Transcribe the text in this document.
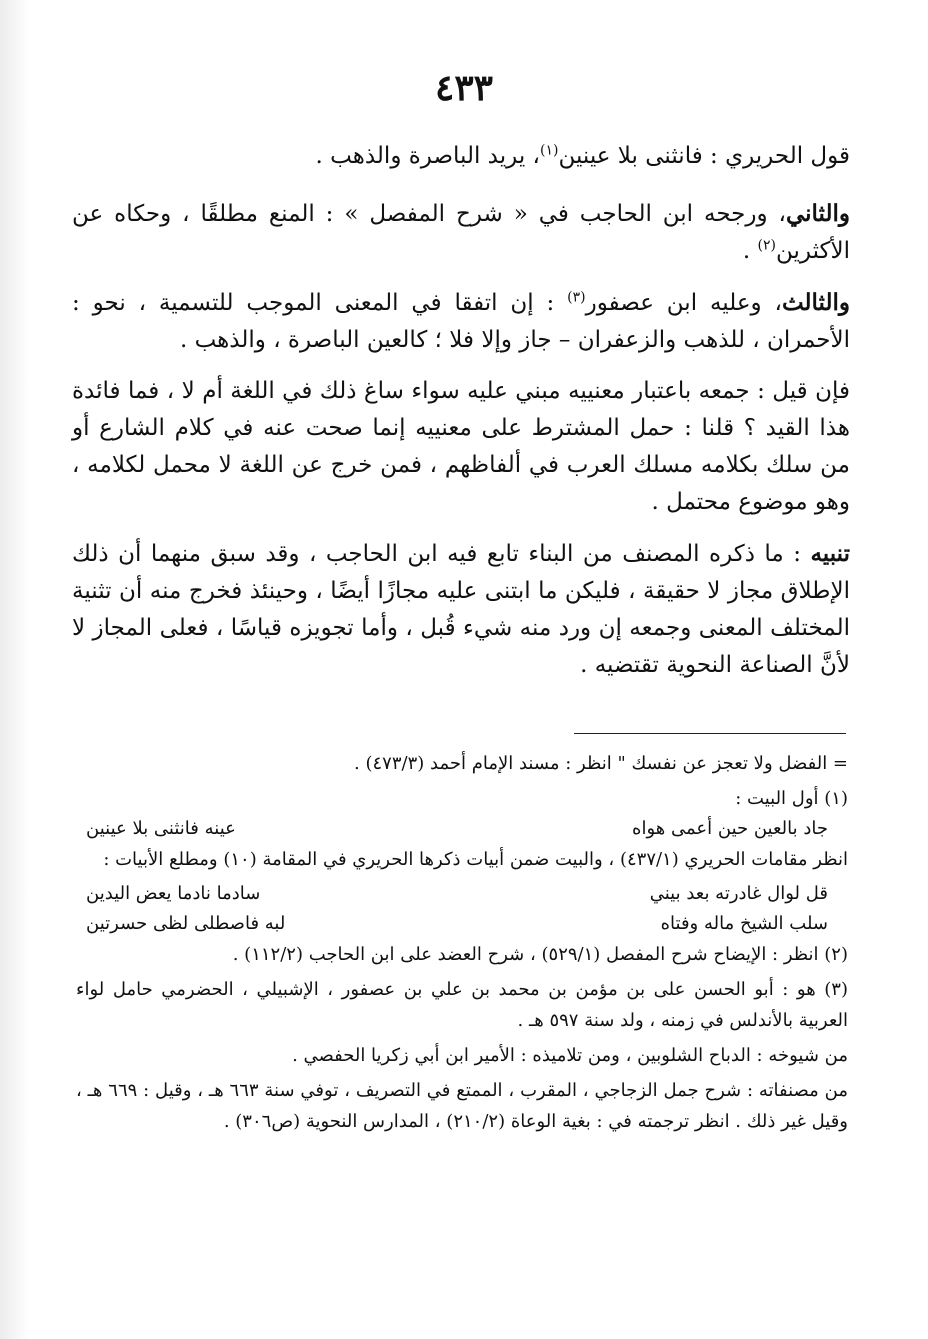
٤٣٣

قول الحريري : فانثنى بلا عينين$^{(١)}$، يريد الباصرة والذهب .

والثاني، ورجحه ابن الحاجب في « شرح المفصل » : المنع مطلقًا ، وحكاه عن الأكثرين$^{(٢)}$ .

والثالث، وعليه ابن عصفور$^{(٣)}$ : إن اتفقا في المعنى الموجب للتسمية ، نحو : الأحمران ، للذهب والزعفران – جاز وإلا فلا ؛ كالعين الباصرة ، والذهب .

فإن قيل : جمعه باعتبار معنييه مبني عليه سواء ساغ ذلك في اللغة أم لا ، فما فائدة هذا القيد ؟ قلنا : حمل المشترط على معنييه إنما صحت عنه في كلام الشارع أو من سلك بكلامه مسلك العرب في ألفاظهم ، فمن خرج عن اللغة لا محمل لكلامه ، وهو موضوع محتمل .

تنبيه : ما ذكره المصنف من البناء تابع فيه ابن الحاجب ، وقد سبق منهما أن ذلك الإطلاق مجاز لا حقيقة ، فليكن ما ابتنى عليه مجازًا أيضًا ، وحينئذ فخرج منه أن تثنية المختلف المعنى وجمعه إن ورد منه شيء قُبل ، وأما تجويزه قياسًا ، فعلى المجاز لا لأنَّ الصناعة النحوية تقتضيه .

= الفضل ولا تعجز عن نفسك " انظر : مسند الإمام أحمد (٤٧٣/٣) .
(١) أول البيت :
جاد بالعين حين أعمى هواه
عينه فانثنى بلا عينين
انظر مقامات الحريري (٤٣٧/١) ، والبيت ضمن أبيات ذكرها الحريري في المقامة (١٠) ومطلع الأبيات :
قل لوال غادرته بعد بيني
سادما نادما يعض اليدين
سلب الشيخ ماله وفتاه
لبه فاصطلى لظى حسرتين
(٢) انظر : الإيضاح شرح المفصل (٥٢٩/١) ، شرح العضد على ابن الحاجب (١١٢/٢) .
(٣) هو : أبو الحسن على بن مؤمن بن محمد بن علي بن عصفور ، الإشبيلي ، الحضرمي حامل لواء العربية بالأندلس في زمنه ، ولد سنة ٥٩٧ هـ .
من شيوخه : الدباح الشلوبين ، ومن تلاميذه : الأمير ابن أبي زكريا الحفصي .
من مصنفاته : شرح جمل الزجاجي ، المقرب ، الممتع في التصريف ، توفي سنة ٦٦٣ هـ ، وقيل : ٦٦٩ هـ ، وقيل غير ذلك . انظر ترجمته في : بغية الوعاة (٢١٠/٢) ، المدارس النحوية (ص٣٠٦) .
